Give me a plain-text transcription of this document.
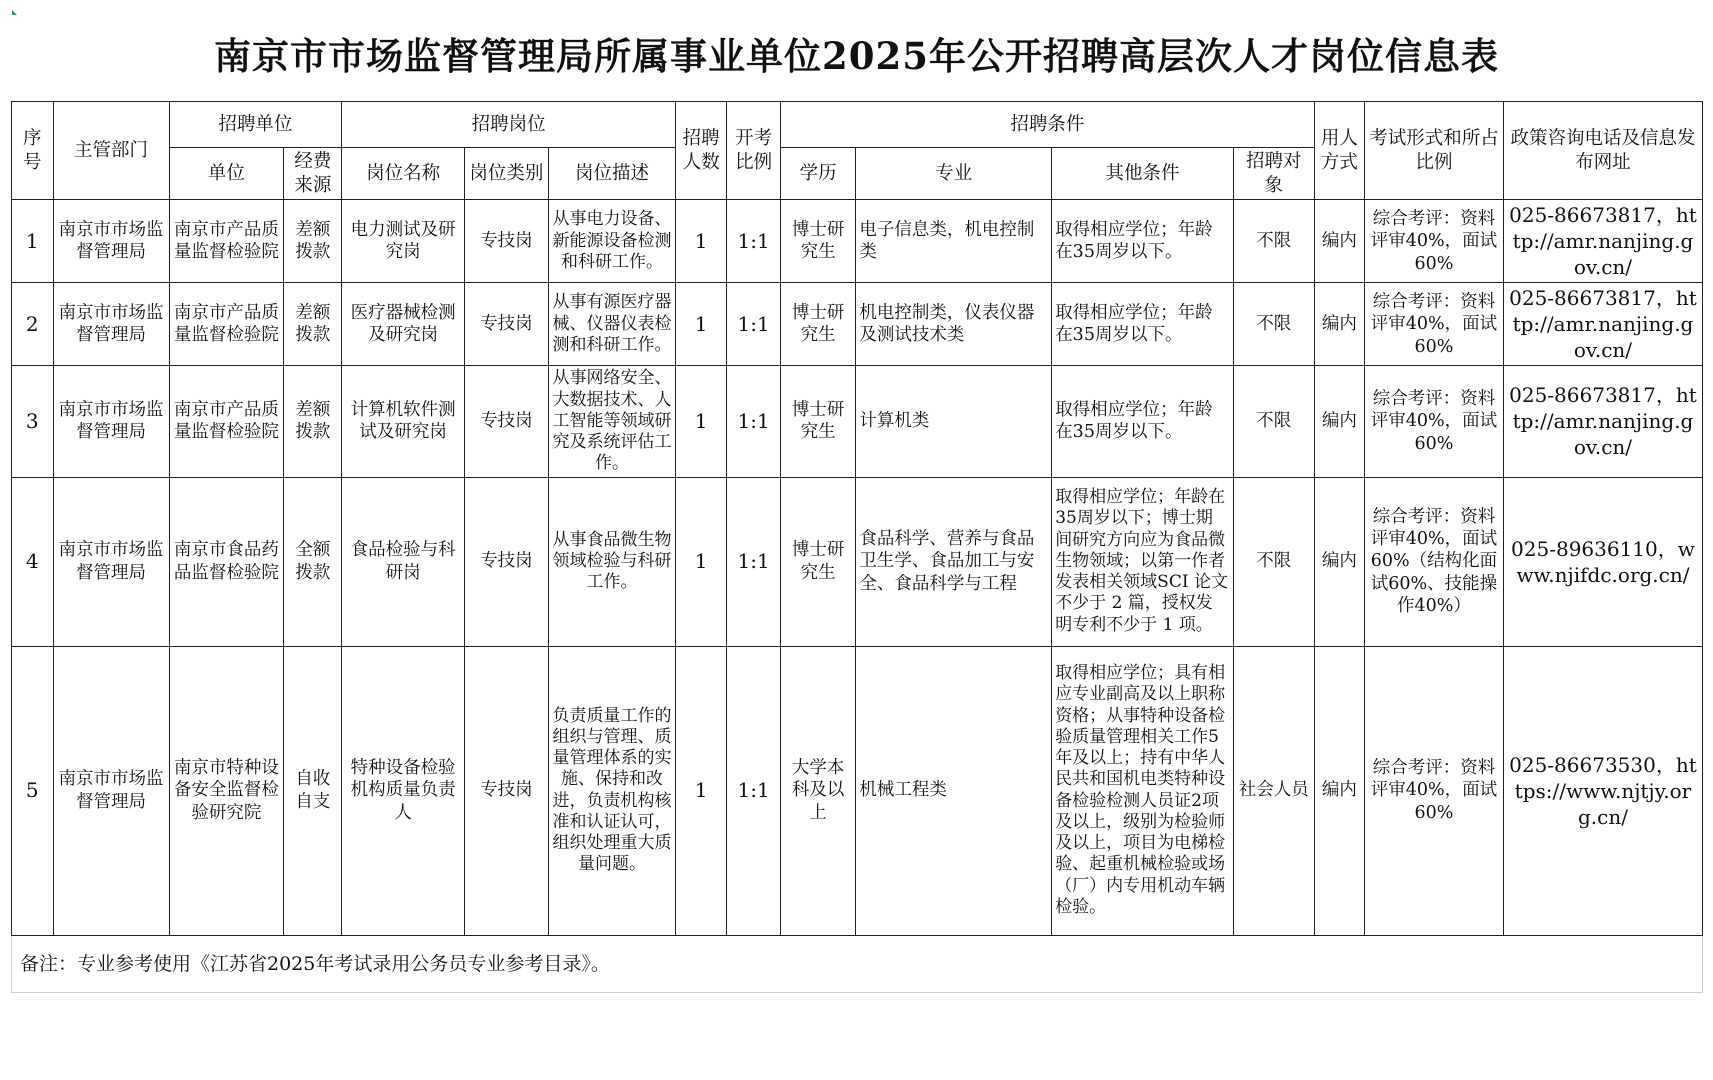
南京市市场监督管理局所属事业单位2025年公开招聘高层次人才岗位信息表
序号	主管部门	招聘单位		招聘岗位			招聘人数	开考比例	招聘条件				用人方式	考试形式和所占比例	政策咨询电话及信息发布网址
		单位	经费来源	岗位名称	岗位类别	岗位描述			学历	专业	其他条件	招聘对象			
1	南京市市场监督管理局	南京市产品质量监督检验院	差额拨款	电力测试及研究岗	专技岗	从事电力设备、新能源设备检测和科研工作。	1	1:1	博士研究生	电子信息类，机电控制类	取得相应学位；年龄在35周岁以下。	不限	编内	综合考评：资料评审40%，面试60%	025-86673817，http://amr.nanjing.gov.cn/
2	南京市市场监督管理局	南京市产品质量监督检验院	差额拨款	医疗器械检测及研究岗	专技岗	从事有源医疗器械、仪器仪表检测和科研工作。	1	1:1	博士研究生	机电控制类，仪表仪器及测试技术类	取得相应学位；年龄在35周岁以下。	不限	编内	综合考评：资料评审40%，面试60%	025-86673817，http://amr.nanjing.gov.cn/
3	南京市市场监督管理局	南京市产品质量监督检验院	差额拨款	计算机软件测试及研究岗	专技岗	从事网络安全、大数据技术、人工智能等领域研究及系统评估工作。	1	1:1	博士研究生	计算机类	取得相应学位；年龄在35周岁以下。	不限	编内	综合考评：资料评审40%，面试60%	025-86673817，http://amr.nanjing.gov.cn/
4	南京市市场监督管理局	南京市食品药品监督检验院	全额拨款	食品检验与科研岗	专技岗	从事食品微生物领域检验与科研工作。	1	1:1	博士研究生	食品科学、营养与食品卫生学、食品加工与安全、食品科学与工程	取得相应学位；年龄在35周岁以下；博士期间研究方向应为食品微生物领域；以第一作者发表相关领域SCI 论文不少于 2 篇，授权发明专利不少于 1 项。	不限	编内	综合考评：资料评审40%，面试60%（结构化面试60%、技能操作40%）	025-89636110，www.njifdc.org.cn/
5	南京市市场监督管理局	南京市特种设备安全监督检验研究院	自收自支	特种设备检验机构质量负责人	专技岗	负责质量工作的组织与管理、质量管理体系的实施、保持和改进，负责机构核准和认证认可，组织处理重大质量问题。	1	1:1	大学本科及以上	机械工程类	取得相应学位；具有相应专业副高及以上职称资格；从事特种设备检验质量管理相关工作5年及以上；持有中华人民共和国机电类特种设备检验检测人员证2项及以上，级别为检验师及以上，项目为电梯检验、起重机械检验或场（厂）内专用机动车辆检验。	社会人员	编内	综合考评：资料评审40%，面试60%	025-86673530，https://www.njtjy.org.cn/
备注：专业参考使用《江苏省2025年考试录用公务员专业参考目录》。															
